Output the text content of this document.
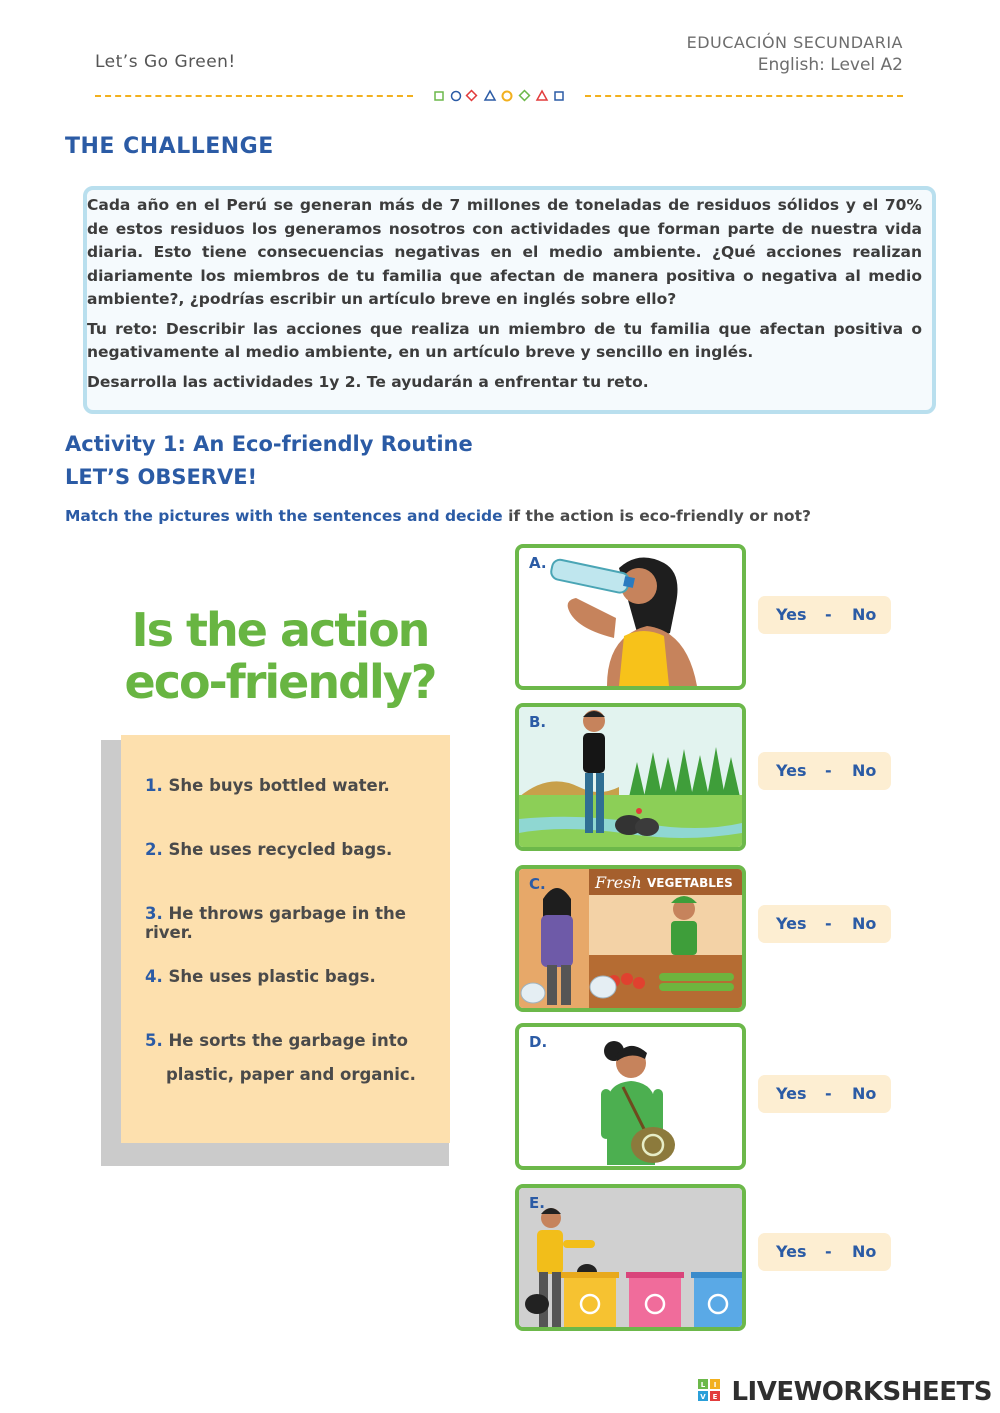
Let’s Go Green!
EDUCACIÓN SECUNDARIA
English: Level A2
THE CHALLENGE

Cada año en el Perú se generan más de 7 millones de toneladas de residuos sólidos y el 70% de estos residuos los generamos nosotros con actividades que forman parte de nuestra vida diaria. Esto tiene consecuencias negativas en el medio ambiente. ¿Qué acciones realizan diariamente los miembros de tu familia que afectan de manera positiva o negativa al medio ambiente?, ¿podrías escribir un artículo breve en inglés sobre ello?

Tu reto: Describir las acciones que realiza un miembro de tu familia que afectan positiva o negativamente al medio ambiente, en un artículo breve y sencillo en inglés.

Desarrolla las actividades 1y 2. Te ayudarán a enfrentar tu reto.

Activity 1: An Eco-friendly Routine
LET’S OBSERVE!
Match the pictures with the sentences and decide if the action is eco-friendly or not?
Is the action
eco-friendly?
1. She buys bottled water.
2. She uses recycled bags.
3. He throws garbage in the river.
4. She uses plastic bags.
5. He sorts the garbage into
plastic, paper and organic.
A.
Yes - No
B.
Yes - No
C.	Fresh VEGETABLES
Yes - No
D.
Yes - No
E.
Yes - No
L I
V E LIVEWORKSHEETS
